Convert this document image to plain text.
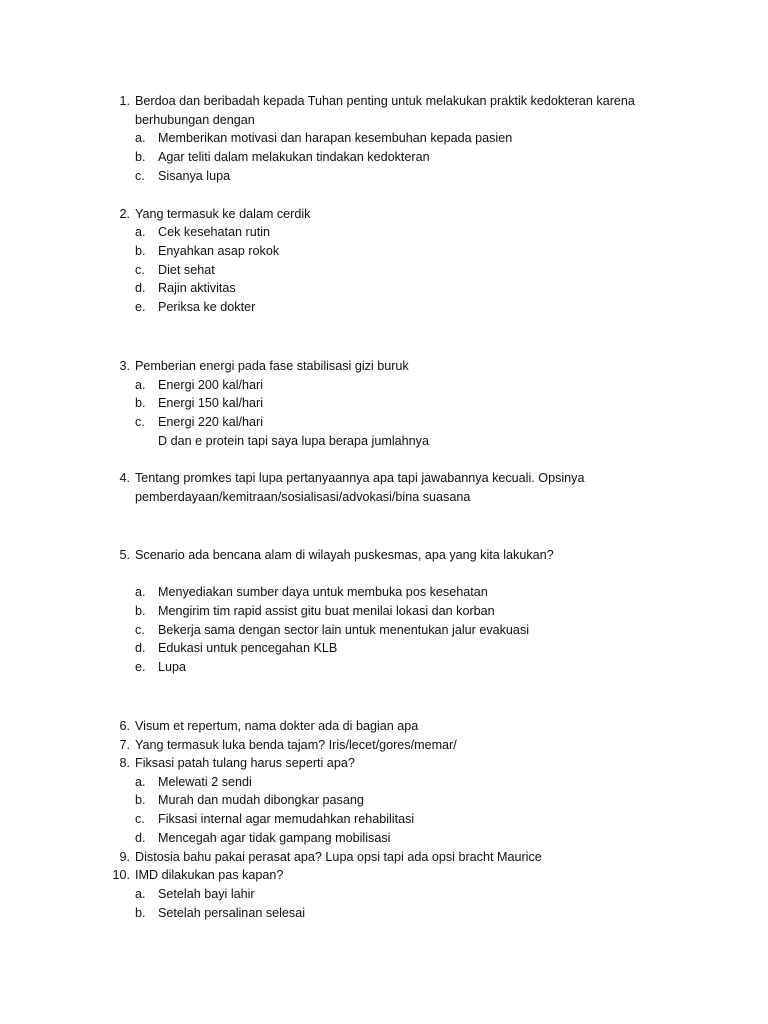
1. Berdoa dan beribadah kepada Tuhan penting untuk melakukan praktik kedokteran karena berhubungan dengan
a. Memberikan motivasi dan harapan kesembuhan kepada pasien
b. Agar teliti dalam melakukan tindakan kedokteran
c. Sisanya lupa
2. Yang termasuk ke dalam cerdik
a. Cek kesehatan rutin
b. Enyahkan asap rokok
c. Diet sehat
d. Rajin aktivitas
e. Periksa ke dokter
3. Pemberian energi pada fase stabilisasi gizi buruk
a. Energi 200 kal/hari
b. Energi 150 kal/hari
c. Energi 220 kal/hari
D dan e protein tapi saya lupa berapa jumlahnya
4. Tentang promkes tapi lupa pertanyaannya apa tapi jawabannya kecuali. Opsinya pemberdayaan/kemitraan/sosialisasi/advokasi/bina suasana
5. Scenario ada bencana alam di wilayah puskesmas, apa yang kita lakukan?
a. Menyediakan sumber daya untuk membuka pos kesehatan
b. Mengirim tim rapid assist gitu buat menilai lokasi dan korban
c. Bekerja sama dengan sector lain untuk menentukan jalur evakuasi
d. Edukasi untuk pencegahan KLB
e. Lupa
6. Visum et repertum, nama dokter ada di bagian apa
7. Yang termasuk luka benda tajam? Iris/lecet/gores/memar/
8. Fiksasi patah tulang harus seperti apa?
a. Melewati 2 sendi
b. Murah dan mudah dibongkar pasang
c. Fiksasi internal agar memudahkan rehabilitasi
d. Mencegah agar tidak gampang mobilisasi
9. Distosia bahu pakai perasat apa? Lupa opsi tapi ada opsi bracht Maurice
10. IMD dilakukan pas kapan?
a. Setelah bayi lahir
b. Setelah persalinan selesai
